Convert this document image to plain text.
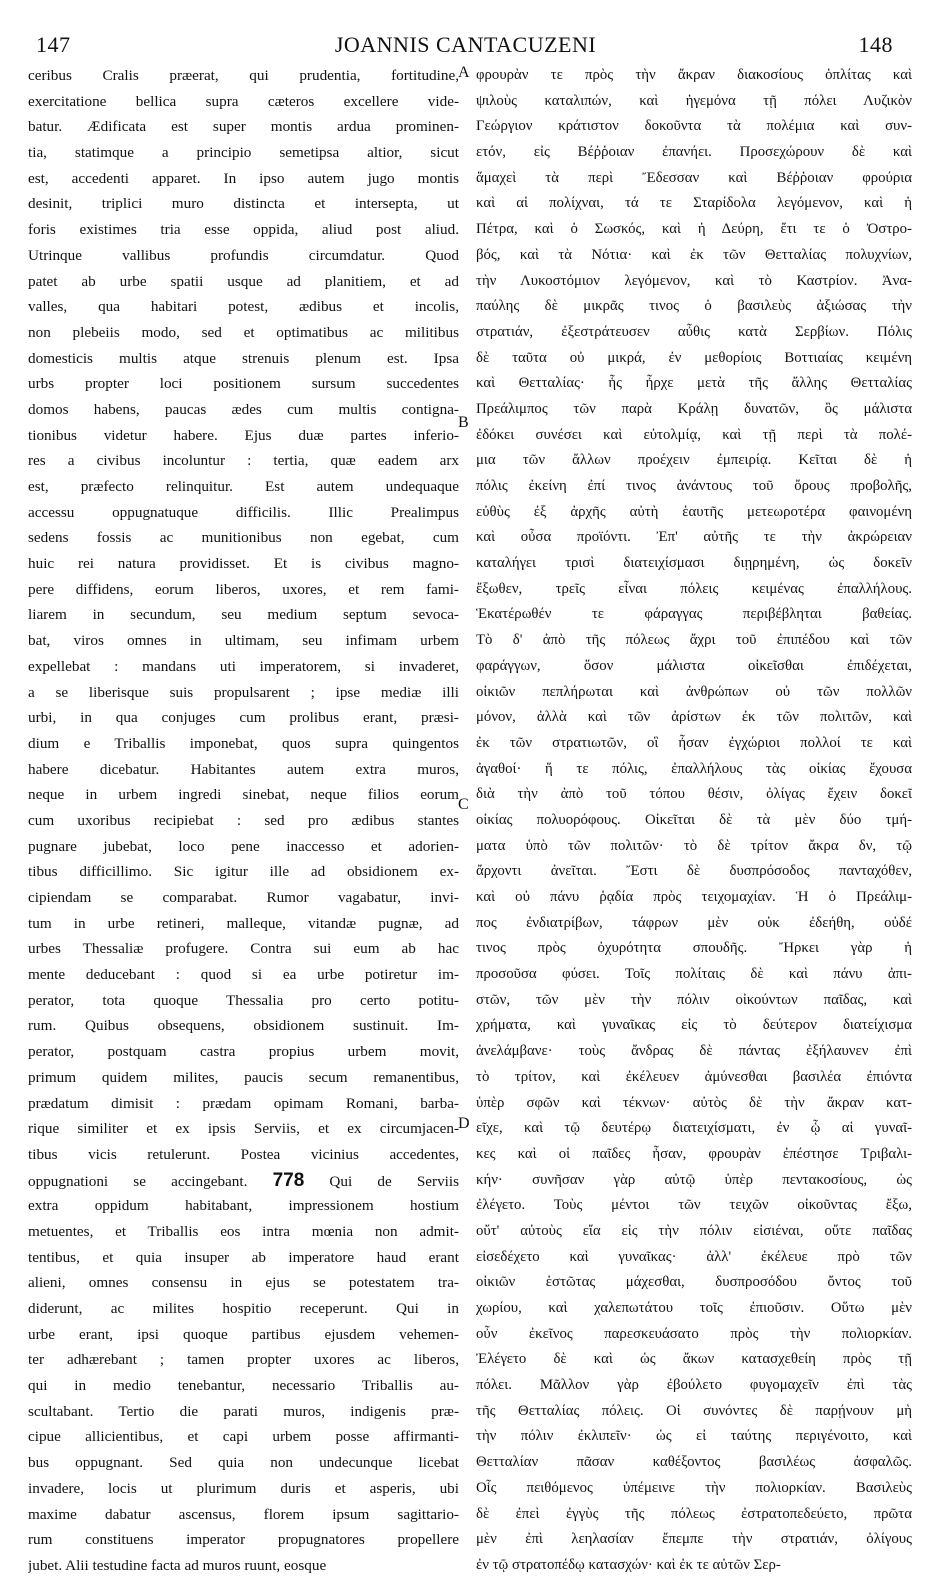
147	JOANNIS CANTACUZENI	148
ceribus Cralis præerat, qui prudentia, fortitudine,
exercitatione bellica supra cæteros excellere vide-
batur. Ædificata est super montis ardua prominen-
tia, statimque a principio semetipsa altior, sicut
est, accedenti apparet. In ipso autem jugo montis
desinit, triplici muro distincta et intersepta, ut
foris existimes tria esse oppida, aliud post aliud.
Utrinque vallibus profundis circumdatur. Quod
patet ab urbe spatii usque ad planitiem, et ad
valles, qua habitari potest, ædibus et incolis,
non plebeiis modo, sed et optimatibus ac militibus
domesticis multis atque strenuis plenum est. Ipsa
urbs propter loci positionem sursum succedentes
domos habens, paucas ædes cum multis contigna-
tionibus videtur habere. Ejus duæ partes inferio-
res a civibus incoluntur : tertia, quæ eadem arx
est, præfecto relinquitur. Est autem undequaque
accessu oppugnatuque difficilis. Illic Prealimpus
sedens fossis ac munitionibus non egebat, cum
huic rei natura providisset. Et is civibus magno-
pere diffidens, eorum liberos, uxores, et rem fami-
liarem in secundum, seu medium septum sevoca-
bat, viros omnes in ultimam, seu infimam urbem
expellebat : mandans uti imperatorem, si invaderet,
a se liberisque suis propulsarent ; ipse mediæ illi
urbi, in qua conjuges cum prolibus erant, præsi-
dium e Triballis imponebat, quos supra quingentos
habere dicebatur. Habitantes autem extra muros,
neque in urbem ingredi sinebat, neque filios eorum
cum uxoribus recipiebat : sed pro ædibus stantes
pugnare jubebat, loco pene inaccesso et adorien-
tibus difficillimo. Sic igitur ille ad obsidionem ex-
cipiendam se comparabat. Rumor vagabatur, invi-
tum in urbe retineri, malleque, vitandæ pugnæ, ad
urbes Thessaliæ profugere. Contra sui eum ab hac
mente deducebant : quod si ea urbe potiretur im-
perator, tota quoque Thessalia pro certo potitu-
rum. Quibus obsequens, obsidionem sustinuit. Im-
perator, postquam castra propius urbem movit,
primum quidem milites, paucis secum remanentibus,
prædatum dimisit : prædam opimam Romani, barba-
rique similiter et ex ipsis Serviis, et ex circumjacen-
tibus vicis retulerunt. Postea vicinius accedentes,
oppugnationi se accingebant. 778 Qui de Serviis
extra oppidum habitabant, impressionem hostium
metuentes, et Triballis eos intra mœnia non admit-
tentibus, et quia insuper ab imperatore haud erant
alieni, omnes consensu in ejus se potestatem tra-
diderunt, ac milites hospitio receperunt. Qui in
urbe erant, ipsi quoque partibus ejusdem vehemen-
ter adhærebant ; tamen propter uxores ac liberos,
qui in medio tenebantur, necessario Triballis au-
scultabant. Tertio die parati muros, indigenis præ-
cipue allicientibus, et capi urbem posse affirmanti-
bus oppugnant. Sed quia non undecunque licebat
invadere, locis ut plurimum duris et asperis, ubi
maxime dabatur ascensus, florem ipsum sagittario-
rum constituens imperator propugnatores propellere
jubet. Alii testudine facta ad muros ruunt, eosque
φρουρὰν τε πρὸς τὴν ἄκραν διακοσίους ὁπλίτας καὶ
ψιλοὺς καταλιπών, καὶ ἡγεμόνα τῇ πόλει Λυζικὸν
Γεώργιον κράτιστον δοκοῦντα τὰ πολέμια καὶ συν-
ετόν, εἰς Βέῤῥοιαν ἐπανήει. Προσεχώρουν δὲ καὶ
ἅμαχεὶ τὰ περὶ Ἔδεσσαν καὶ Βέῤῥοιαν φρούρια
καὶ αἱ πολίχναι, τά τε Σταρίδολα λεγόμενον, καὶ ἡ
Πέτρα, καὶ ὁ Σωσκός, καὶ ἡ Δεύρη, ἔτι τε ὁ Ὀστρο-
βός, καὶ τὰ Νότια· καὶ ἐκ τῶν Θετταλίας πολυχνίων,
τὴν Λυκοστόμιον λεγόμενον, καὶ τὸ Καστρίον. Ἀνα-
παύλης δὲ μικρᾶς τινος ὁ βασιλεὺς ἀξιώσας τὴν
στρατιάν, ἐξεστράτευσεν αὖθις κατὰ Σερβίων. Πόλις
δὲ ταῦτα οὐ μικρά, ἐν μεθορίοις Βοττιαίας κειμένη
καὶ Θετταλίας· ἧς ἦρχε μετὰ τῆς ἄλλης Θετταλίας
Πρεάλιμπος τῶν παρὰ Κράλῃ δυνατῶν, ὃς μάλιστα
ἐδόκει συνέσει καὶ εὐτολμίᾳ, καὶ τῇ περὶ τὰ πολέ-
μια τῶν ἄλλων προέχειν ἐμπειρίᾳ. Κεῖται δὲ ἡ
πόλις ἐκείνη ἐπί τινος ἀνάντους τοῦ ὄρους προβολῆς,
εὐθὺς ἐξ ἀρχῆς αὐτὴ ἑαυτῆς μετεωροτέρα φαινομένη
καὶ οὖσα προϊόντι. Ἐπ' αὐτῆς τε τὴν ἀκρώρειαν
καταλήγει τρισὶ διατειχίσμασι διῃρημένη, ὡς δοκεῖν
ἔξωθεν, τρεῖς εἶναι πόλεις κειμένας ἐπαλλήλους.
Ἑκατέρωθέν τε φάραγγας περιβέβληται βαθείας.
Τὸ δ' ἀπὸ τῆς πόλεως ἄχρι τοῦ ἐπιπέδου καὶ τῶν
φαράγγων, ὅσον μάλιστα οἰκεῖσθαι ἐπιδέχεται,
οἰκιῶν πεπλήρωται καὶ ἀνθρώπων οὐ τῶν πολλῶν
μόνον, ἀλλὰ καὶ τῶν ἀρίστων ἐκ τῶν πολιτῶν, καὶ
ἐκ τῶν στρατιωτῶν, οἳ ἦσαν ἐγχώριοι πολλοί τε καὶ
ἀγαθοί· ἥ τε πόλις, ἐπαλλήλους τὰς οἰκίας ἔχουσα
διὰ τὴν ἀπὸ τοῦ τόπου θέσιν, ὀλίγας ἔχειν δοκεῖ
οἰκίας πολυορόφους. Οἰκεῖται δὲ τὰ μὲν δύο τμή-
ματα ὑπὸ τῶν πολιτῶν· τὸ δὲ τρίτον ἄκρα δν, τῷ
ἄρχοντι ἀνεῖται. Ἔστι δὲ δυσπρόσοδος πανταχόθεν,
καὶ οὐ πάνυ ῥᾳδία πρὸς τειχομαχίαν. Ἡ ὁ Πρεάλιμ-
πος ἐνδιατρίβων, τάφρων μὲν οὐκ ἐδεήθη, οὐδέ
τινος πρὸς ὀχυρότητα σπουδῆς. Ἤρκει γὰρ ἡ
προσοῦσα φύσει. Τοῖς πολίταις δὲ καὶ πάνυ ἀπι-
στῶν, τῶν μὲν τὴν πόλιν οἰκούντων παῖδας, καὶ
χρήματα, καὶ γυναῖκας εἰς τὸ δεύτερον διατείχισμα
ἀνελάμβανε· τοὺς ἄνδρας δὲ πάντας ἐξήλαυνεν ἐπὶ
τὸ τρίτον, καὶ ἐκέλευεν ἀμύνεσθαι βασιλέα ἐπιόντα
ὑπὲρ σφῶν καὶ τέκνων· αὐτὸς δὲ τὴν ἄκραν κατ-
εῖχε, καὶ τῷ δευτέρῳ διατειχίσματι, ἐν ᾧ αἱ γυναῖ-
κες καὶ οἱ παῖδες ἦσαν, φρουρὰν ἐπέστησε Τριβαλι-
κήν· συνῆσαν γὰρ αὐτῷ ὑπὲρ πεντακοσίους, ὡς
ἐλέγετο. Τοὺς μέντοι τῶν τειχῶν οἰκοῦντας ἔξω,
οὔτ' αὐτοὺς εἴα εἰς τὴν πόλιν εἰσιέναι, οὔτε παῖδας
εἰσεδέχετο καὶ γυναῖκας· ἀλλ' ἐκέλευε πρὸ τῶν
οἰκιῶν ἑστῶτας μάχεσθαι, δυσπροσόδου ὄντος τοῦ
χωρίου, καὶ χαλεπωτάτου τοῖς ἐπιοῦσιν. Οὕτω μὲν
οὖν ἐκεῖνος παρεσκευάσατο πρὸς τὴν πολιορκίαν.
Ἐλέγετο δὲ καὶ ὡς ἄκων κατασχεθείη πρὸς τῇ
πόλει. Μᾶλλον γὰρ ἐβούλετο φυγομαχεῖν ἐπὶ τὰς
τῆς Θετταλίας πόλεις. Οἱ συνόντες δὲ παρῄνουν μὴ
τὴν πόλιν ἐκλιπεῖν· ὡς εἰ ταύτης περιγένοιτο, καὶ
Θετταλίαν πᾶσαν καθέξοντος βασιλέως ἀσφαλῶς.
Οἷς πειθόμενος ὑπέμεινε τὴν πολιορκίαν. Βασιλεὺς
δὲ ἐπεὶ ἐγγὺς τῆς πόλεως ἐστρατοπεδεύετο, πρῶτα
μὲν ἐπὶ λεηλασίαν ἔπεμπε τὴν στρατιάν, ὀλίγους
ἐν τῷ στρατοπέδῳ κατασχών· καὶ ἐκ τε αὐτῶν Σερ-
A
B
C
D
